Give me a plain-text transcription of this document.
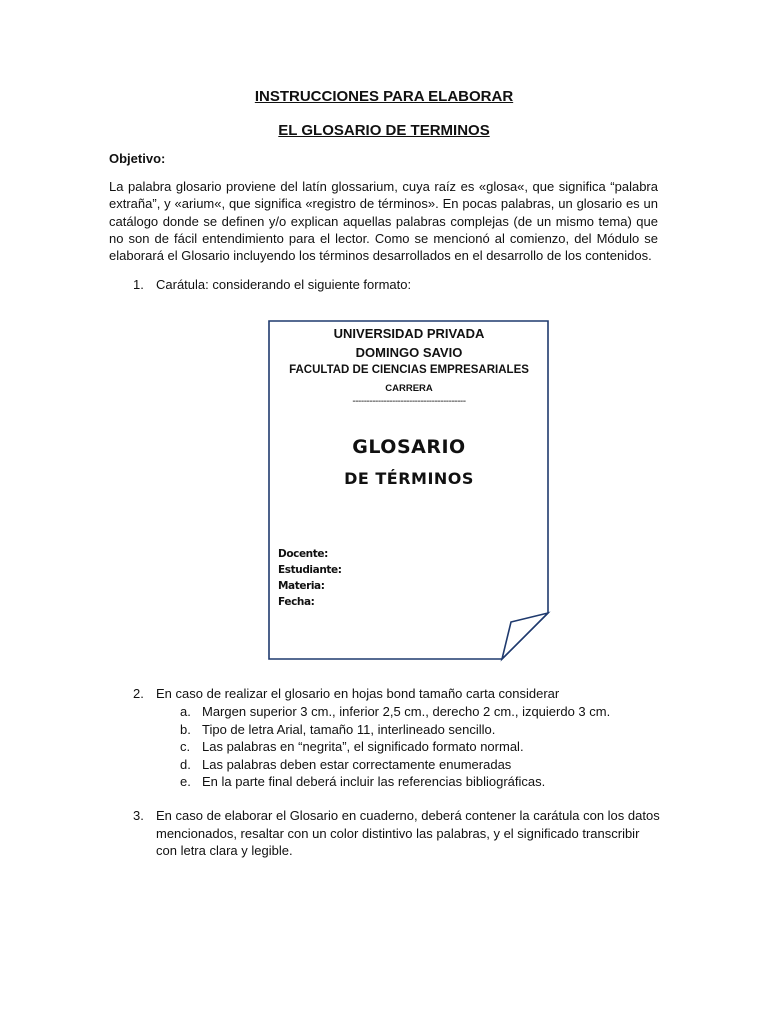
INSTRUCCIONES PARA ELABORAR
EL GLOSARIO DE TERMINOS
Objetivo:
La palabra glosario proviene del latín glossarium, cuya raíz es «glosa«, que significa “palabra extraña”, y «arium«, que significa «registro de términos». En pocas palabras, un glosario es un catálogo donde se definen y/o explican aquellas palabras complejas (de un mismo tema) que no son de fácil entendimiento para el lector. Como se mencionó al comienzo, del Módulo se elaborará el Glosario incluyendo los términos desarrollados en el desarrollo de los contenidos.
1. Carátula: considerando el siguiente formato:
UNIVERSIDAD PRIVADA
DOMINGO SAVIO
FACULTAD DE CIENCIAS EMPRESARIALES
CARRERA
----------------------------------------
GLOSARIO
DE TÉRMINOS
Docente:
Estudiante:
Materia:
Fecha:
2. En caso de realizar el glosario en hojas bond tamaño carta considerar
a. Margen superior 3 cm., inferior 2,5 cm., derecho 2 cm., izquierdo 3 cm.
b. Tipo de letra Arial, tamaño 11, interlineado sencillo.
c. Las palabras en “negrita”, el significado formato normal.
d. Las palabras deben estar correctamente enumeradas
e. En la parte final deberá incluir las referencias bibliográficas.
3. En caso de elaborar el Glosario en cuaderno, deberá contener la carátula con los datos
mencionados, resaltar con un color distintivo las palabras, y el significado transcribir
con letra clara y legible.
